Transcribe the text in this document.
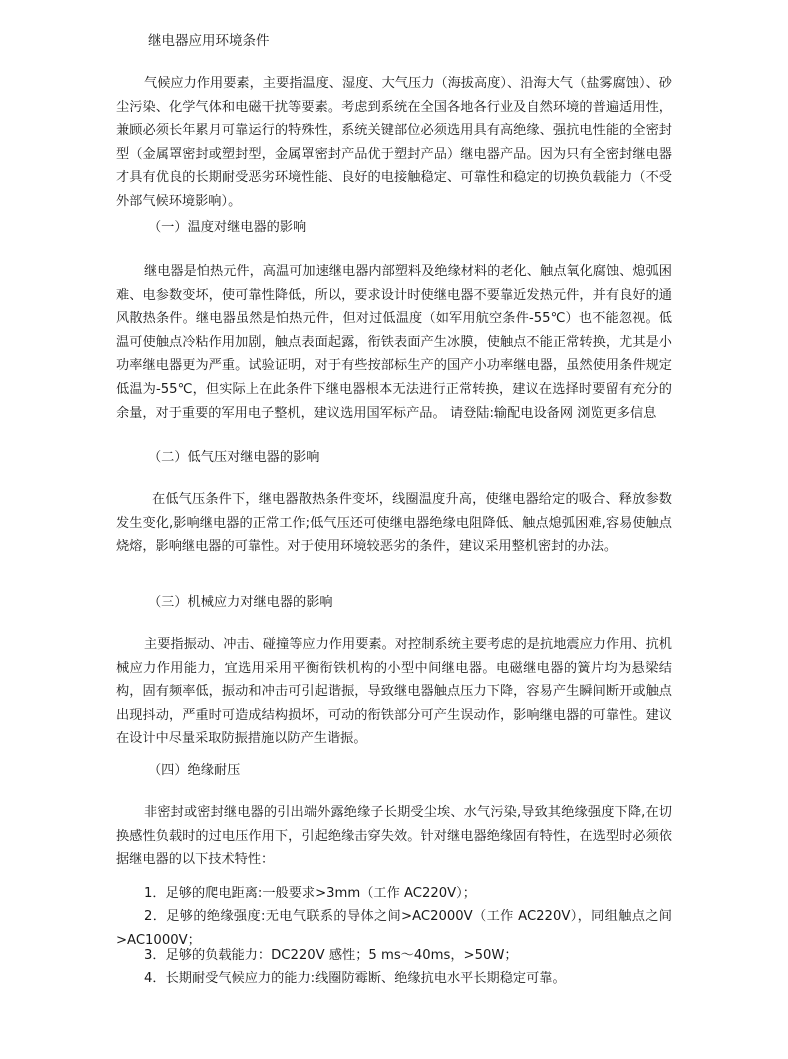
继电器应用环境条件

气候应力作用要素，主要指温度、湿度、大气压力（海拔高度）、沿海大气（盐雾腐蚀）、砂尘污染、化学气体和电磁干扰等要素。考虑到系统在全国各地各行业及自然环境的普遍适用性，兼顾必须长年累月可靠运行的特殊性，系统关键部位必须选用具有高绝缘、强抗电性能的全密封型（金属罩密封或塑封型，金属罩密封产品优于塑封产品）继电器产品。因为只有全密封继电器才具有优良的长期耐受恶劣环境性能、良好的电接触稳定、可靠性和稳定的切换负载能力（不受外部气候环境影响）。

（一）温度对继电器的影响

继电器是怕热元件，高温可加速继电器内部塑料及绝缘材料的老化、触点氧化腐蚀、熄弧困难、电参数变坏，使可靠性降低，所以，要求设计时使继电器不要靠近发热元件，并有良好的通风散热条件。继电器虽然是怕热元件，但对过低温度（如军用航空条件-55℃）也不能忽视。低温可使触点冷粘作用加剧，触点表面起露，衔铁表面产生冰膜，使触点不能正常转换，尤其是小功率继电器更为严重。试验证明，对于有些按部标生产的国产小功率继电器，虽然使用条件规定低温为-55℃，但实际上在此条件下继电器根本无法进行正常转换，建议在选择时要留有充分的余量，对于重要的军用电子整机，建议选用国军标产品。 请登陆:输配电设备网 浏览更多信息

（二）低气压对继电器的影响

在低气压条件下，继电器散热条件变坏，线圈温度升高，使继电器给定的吸合、释放参数发生变化,影响继电器的正常工作;低气压还可使继电器绝缘电阻降低、触点熄弧困难,容易使触点烧熔，影响继电器的可靠性。对于使用环境较恶劣的条件，建议采用整机密封的办法。

（三）机械应力对继电器的影响

主要指振动、冲击、碰撞等应力作用要素。对控制系统主要考虑的是抗地震应力作用、抗机械应力作用能力，宜选用采用平衡衔铁机构的小型中间继电器。电磁继电器的簧片均为悬梁结构，固有频率低，振动和冲击可引起谐振，导致继电器触点压力下降，容易产生瞬间断开或触点出现抖动，严重时可造成结构损坏，可动的衔铁部分可产生误动作，影响继电器的可靠性。建议在设计中尽量采取防振措施以防产生谐振。

（四）绝缘耐压

非密封或密封继电器的引出端外露绝缘子长期受尘埃、水气污染,导致其绝缘强度下降,在切换感性负载时的过电压作用下，引起绝缘击穿失效。针对继电器绝缘固有特性，在选型时必须依据继电器的以下技术特性：

1．足够的爬电距离:一般要求>3mm（工作 AC220V）；

2．足够的绝缘强度:无电气联系的导体之间>AC2000V（工作 AC220V），同组触点之间>AC1000V；

3．足够的负载能力：DC220V 感性；5 ms～40ms，>50W；

4．长期耐受气候应力的能力:线圈防霉断、绝缘抗电水平长期稳定可靠。
